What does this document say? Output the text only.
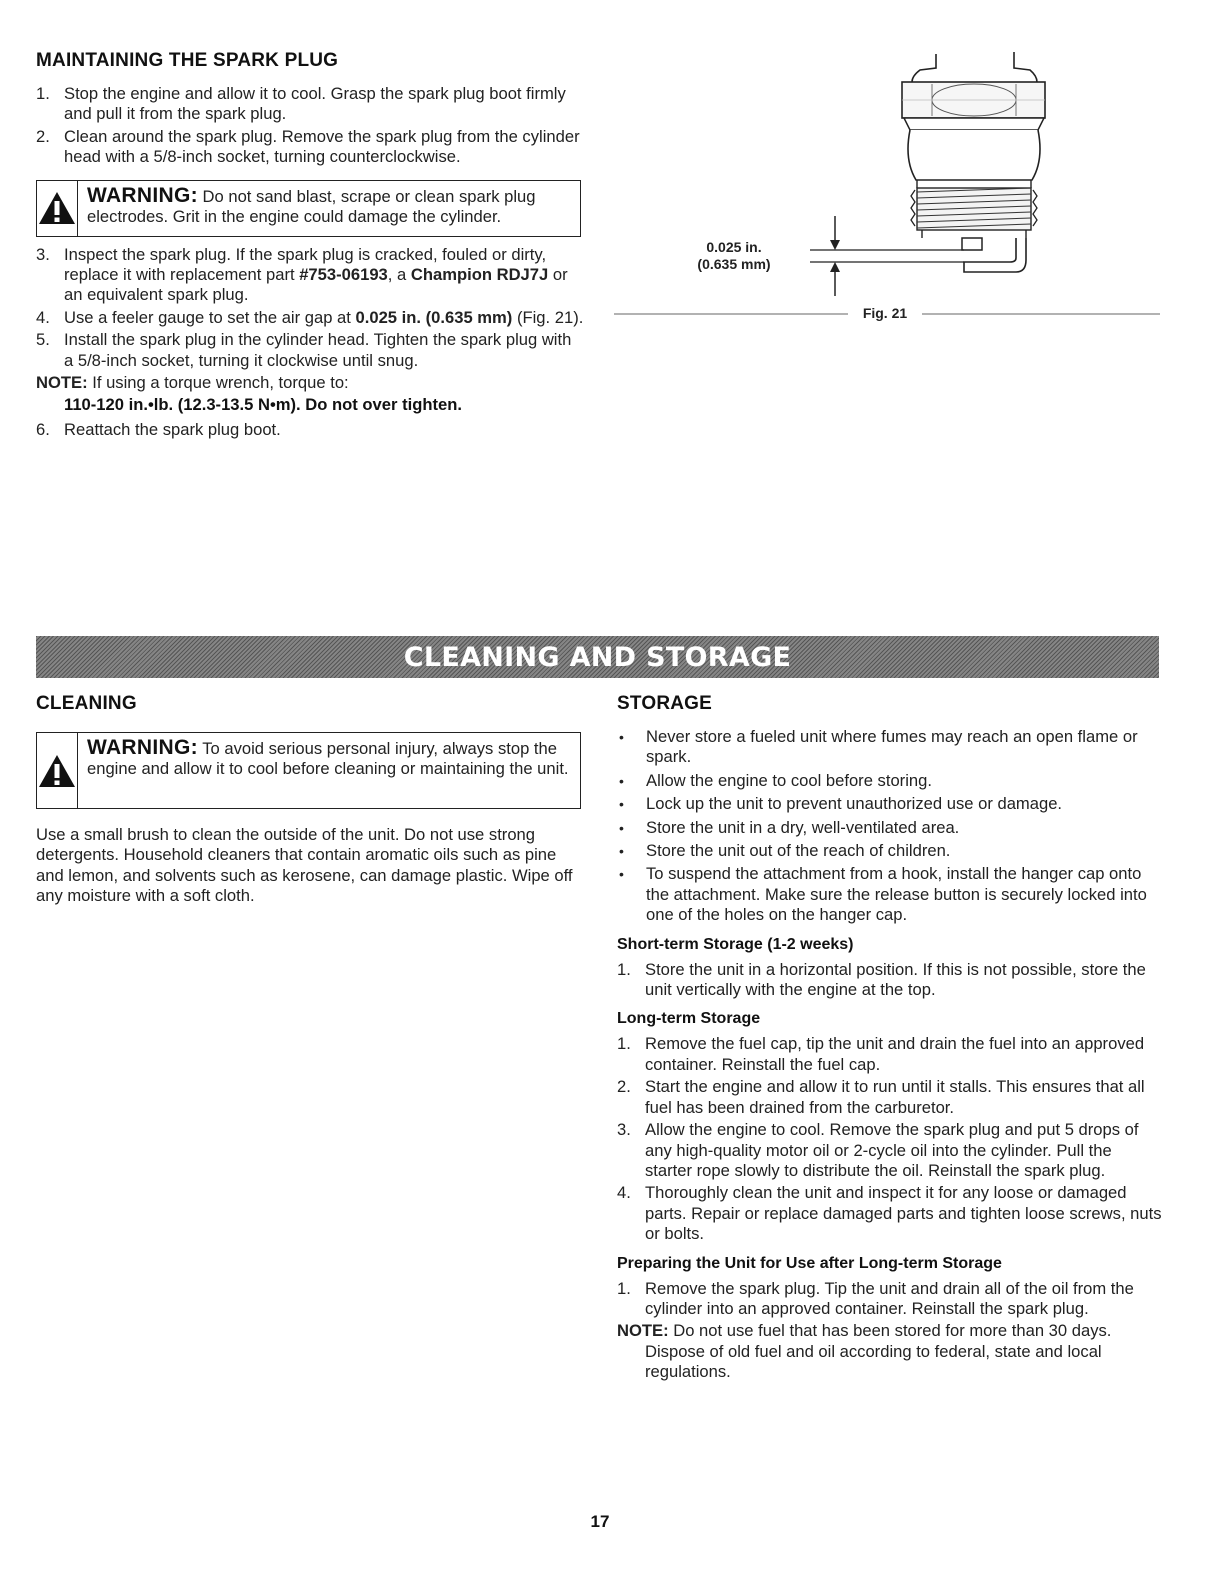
MAINTAINING THE SPARK PLUG
1. Stop the engine and allow it to cool. Grasp the spark plug boot firmly and pull it from the spark plug.
2. Clean around the spark plug. Remove the spark plug from the cylinder head with a 5/8-inch socket, turning counterclockwise.
WARNING: Do not sand blast, scrape or clean spark plug electrodes. Grit in the engine could damage the cylinder.
3. Inspect the spark plug. If the spark plug is cracked, fouled or dirty, replace it with replacement part #753-06193, a Champion RDJ7J or an equivalent spark plug.
4. Use a feeler gauge to set the air gap at 0.025 in. (0.635 mm) (Fig. 21).
5. Install the spark plug in the cylinder head. Tighten the spark plug with a 5/8-inch socket, turning it clockwise until snug.
NOTE: If using a torque wrench, torque to:
110-120 in.•lb. (12.3-13.5 N•m). Do not over tighten.
6. Reattach the spark plug boot.
0.025 in.
(0.635 mm)
Fig. 21
CLEANING AND STORAGE
CLEANING
WARNING: To avoid serious personal injury, always stop the engine and allow it to cool before cleaning or maintaining the unit.

Use a small brush to clean the outside of the unit. Do not use strong detergents. Household cleaners that contain aromatic oils such as pine and lemon, and solvents such as kerosene, can damage plastic. Wipe off any moisture with a soft cloth.

STORAGE
• Never store a fueled unit where fumes may reach an open flame or spark.
• Allow the engine to cool before storing.
• Lock up the unit to prevent unauthorized use or damage.
• Store the unit in a dry, well-ventilated area.
• Store the unit out of the reach of children.
• To suspend the attachment from a hook, install the hanger cap onto the attachment. Make sure the release button is securely locked into one of the holes on the hanger cap.
Short-term Storage (1-2 weeks)
1. Store the unit in a horizontal position. If this is not possible, store the unit vertically with the engine at the top.
Long-term Storage
1. Remove the fuel cap, tip the unit and drain the fuel into an approved container. Reinstall the fuel cap.
2. Start the engine and allow it to run until it stalls. This ensures that all fuel has been drained from the carburetor.
3. Allow the engine to cool. Remove the spark plug and put 5 drops of any high-quality motor oil or 2-cycle oil into the cylinder. Pull the starter rope slowly to distribute the oil. Reinstall the spark plug.
4. Thoroughly clean the unit and inspect it for any loose or damaged parts. Repair or replace damaged parts and tighten loose screws, nuts or bolts.
Preparing the Unit for Use after Long-term Storage
1. Remove the spark plug. Tip the unit and drain all of the oil from the cylinder into an approved container. Reinstall the spark plug.
NOTE: Do not use fuel that has been stored for more than 30 days. Dispose of old fuel and oil according to federal, state and local regulations.
17
